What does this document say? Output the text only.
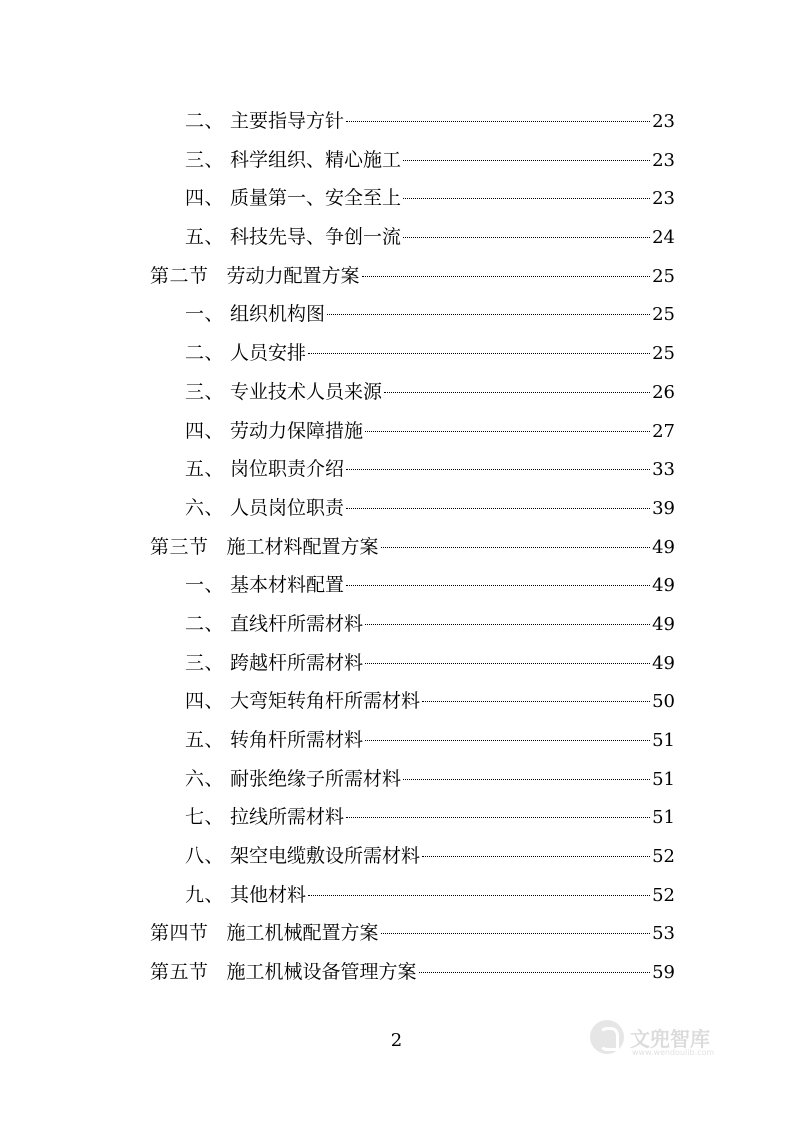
二、 主要指导方针	23
三、 科学组织、精心施工	23
四、 质量第一、安全至上	23
五、 科技先导、争创一流	24
第二节 劳动力配置方案	25
一、 组织机构图	25
二、 人员安排	25
三、 专业技术人员来源	26
四、 劳动力保障措施	27
五、 岗位职责介绍	33
六、 人员岗位职责	39
第三节 施工材料配置方案	49
一、 基本材料配置	49
二、 直线杆所需材料	49
三、 跨越杆所需材料	49
四、 大弯矩转角杆所需材料	50
五、 转角杆所需材料	51
六、 耐张绝缘子所需材料	51
七、 拉线所需材料	51
八、 架空电缆敷设所需材料	52
九、 其他材料	52
第四节 施工机械配置方案	53
第五节 施工机械设备管理方案	59
2	文兜智库
www.wendoulib.com
